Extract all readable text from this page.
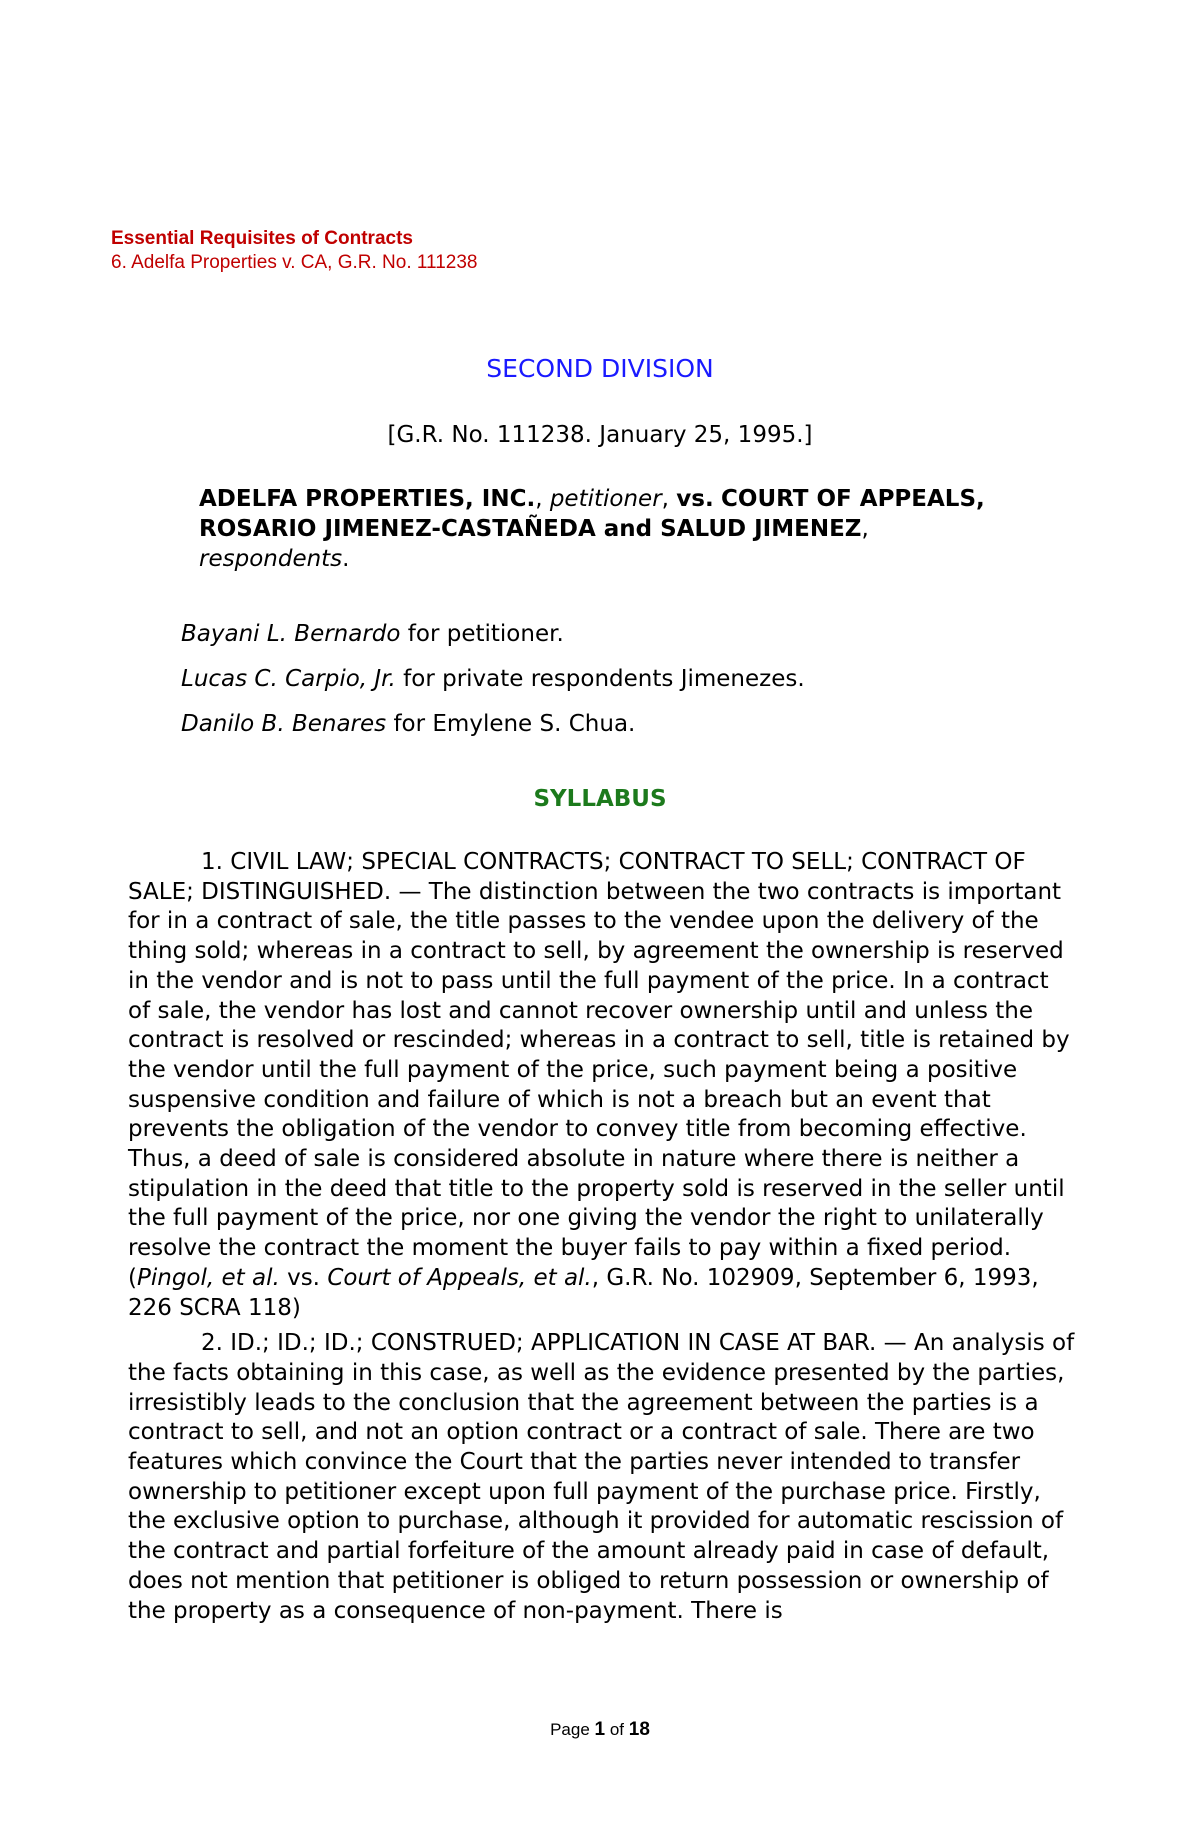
Essential Requisites of Contracts
6. Adelfa Properties v. CA, G.R. No. 111238
SECOND DIVISION
[G.R. No. 111238. January 25, 1995.]
ADELFA PROPERTIES, INC., petitioner, vs. COURT OF APPEALS, ROSARIO JIMENEZ-CASTAÑEDA and SALUD JIMENEZ, respondents.
Bayani L. Bernardo for petitioner.
Lucas C. Carpio, Jr. for private respondents Jimenezes.
Danilo B. Benares for Emylene S. Chua.
SYLLABUS

1. CIVIL LAW; SPECIAL CONTRACTS; CONTRACT TO SELL; CONTRACT OF SALE; DISTINGUISHED. — The distinction between the two contracts is important for in a contract of sale, the title passes to the vendee upon the delivery of the thing sold; whereas in a contract to sell, by agreement the ownership is reserved in the vendor and is not to pass until the full payment of the price. In a contract of sale, the vendor has lost and cannot recover ownership until and unless the contract is resolved or rescinded; whereas in a contract to sell, title is retained by the vendor until the full payment of the price, such payment being a positive suspensive condition and failure of which is not a breach but an event that prevents the obligation of the vendor to convey title from becoming effective. Thus, a deed of sale is considered absolute in nature where there is neither a stipulation in the deed that title to the property sold is reserved in the seller until the full payment of the price, nor one giving the vendor the right to unilaterally resolve the contract the moment the buyer fails to pay within a fixed period. (Pingol, et al. vs. Court of Appeals, et al., G.R. No. 102909, September 6, 1993, 226 SCRA 118)

2. ID.; ID.; ID.; CONSTRUED; APPLICATION IN CASE AT BAR. — An analysis of the facts obtaining in this case, as well as the evidence presented by the parties, irresistibly leads to the conclusion that the agreement between the parties is a contract to sell, and not an option contract or a contract of sale. There are two features which convince the Court that the parties never intended to transfer ownership to petitioner except upon full payment of the purchase price. Firstly, the exclusive option to purchase, although it provided for automatic rescission of the contract and partial forfeiture of the amount already paid in case of default, does not mention that petitioner is obliged to return possession or ownership of the property as a consequence of non-payment. There is

Page 1 of 18
